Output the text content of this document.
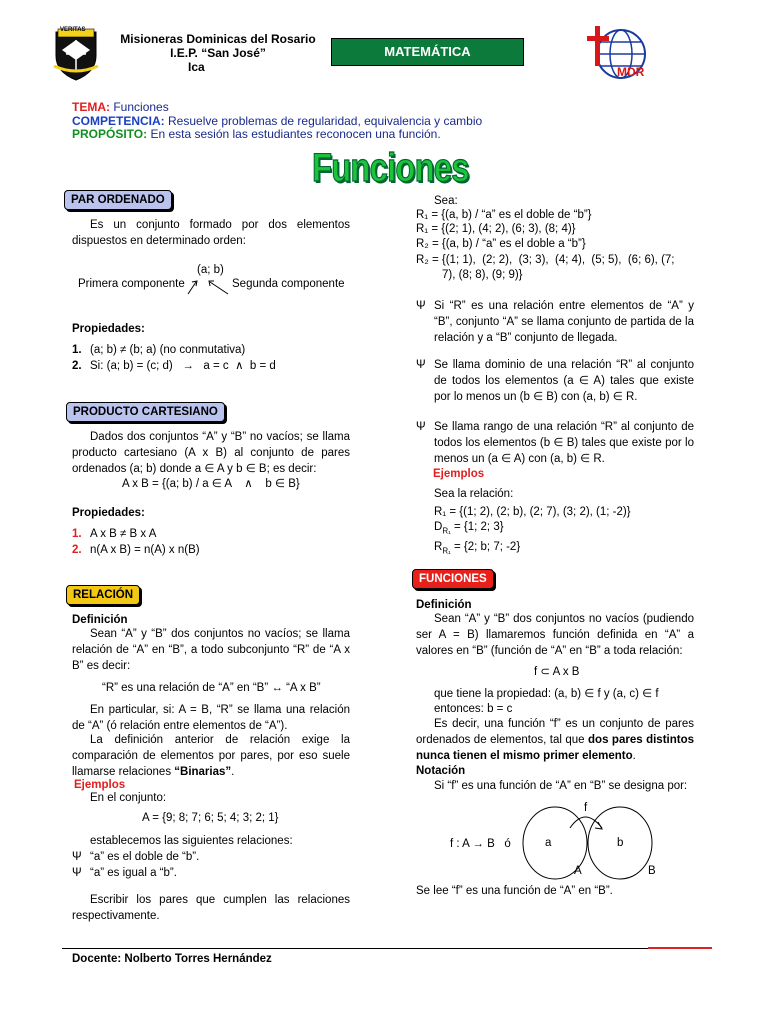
VERITAS
Misioneras Dominicas del Rosario
I.E.P. “San José”
Ica
MATEMÁTICA
MDR
TEMA: Funciones
COMPETENCIA: Resuelve problemas de regularidad, equivalencia y cambio
PROPÓSITO: En esta sesión las estudiantes reconocen una función.
Funciones
PAR ORDENADO
Es un conjunto formado por dos elementos dispuestos en determinado orden:
(a; b)
Primera componente	Segunda componente
Propiedades:
1. (a; b) ≠ (b; a) (no conmutativa)
2. Si: (a; b) = (c; d)   →   a = c  ∧  b = d
PRODUCTO CARTESIANO
Dados dos conjuntos “A” y “B” no vacíos; se llama producto cartesiano (A x B) al conjunto de pares ordenados (a; b) donde a ∈ A y b ∈ B; es decir:
A x B = {(a; b) / a ∈ A    ∧    b ∈ B}
Propiedades:
1. A x B ≠ B x A
2. n(A x B) = n(A) x n(B)
RELACIÓN
Definición
Sean “A” y “B” dos conjuntos no vacíos; se llama relación de “A” en “B”, a todo subconjunto “R” de “A x B” es decir:
“R” es una relación de “A” en “B” ↔ “A x B”
En particular, si: A = B, “R” se llama una relación de “A” (ó relación entre elementos de “A”).
La definición anterior de relación exige la comparación de elementos por pares, por eso suele llamarse relaciones “Binarias”.
Ejemplos
En el conjunto:
A = {9; 8; 7; 6; 5; 4; 3; 2; 1}
establecemos las siguientes relaciones:
Ψ “a” es el doble de “b”.
Ψ “a” es igual a “b”.
Escribir los pares que cumplen las relaciones respectivamente.
Sea:
R₁ = {(a, b) / “a” es el doble de “b”}
R₁ = {(2; 1), (4; 2), (6; 3), (8; 4)}
R₂ = {(a, b) / “a” es el doble a “b”}
R₂ = {(1; 1),  (2; 2),  (3; 3),  (4; 4),  (5; 5),  (6; 6), (7;
7), (8; 8), (9; 9)}
Ψ Si “R” es una relación entre elementos de “A” y “B”, conjunto “A” se llama conjunto de partida de la relación y a “B” conjunto de llegada.
Ψ Se llama dominio de una relación “R” al conjunto de todos los elementos (a ∈ A) tales que existe por lo menos un (b ∈ B) con (a, b) ∈ R.
Ψ Se llama rango de una relación “R” al conjunto de todos los elementos (b ∈ B) tales que existe por lo menos un (a ∈ A) con (a, b) ∈ R.
Ejemplos
Sea la relación:
R₁ = {(1; 2), (2; b), (2; 7), (3; 2), (1; -2)}
$D_{R_1} = \{1$; 2; 3}
$R_{R_1} = \{2$; b; 7; -2}
FUNCIONES
Definición
Sean “A” y “B” dos conjuntos no vacíos (pudiendo ser A = B) llamaremos función definida en “A” a valores en “B” (función de “A” en “B” a toda relación:
f ⊂ A x B
que tiene la propiedad: (a, b) ∈ f y (a, c) ∈ f
entonces: b = c
Es decir, una función “f” es un conjunto de pares ordenados de elementos, tal que dos pares distintos nunca tienen el mismo primer elemento.
Notación
Si “f” es una función de “A” en “B” se designa por:
f : A → B   ó
f
a	b
A	B
Se lee “f” es una función de “A” en “B”.
Docente: Nolberto Torres Hernández
